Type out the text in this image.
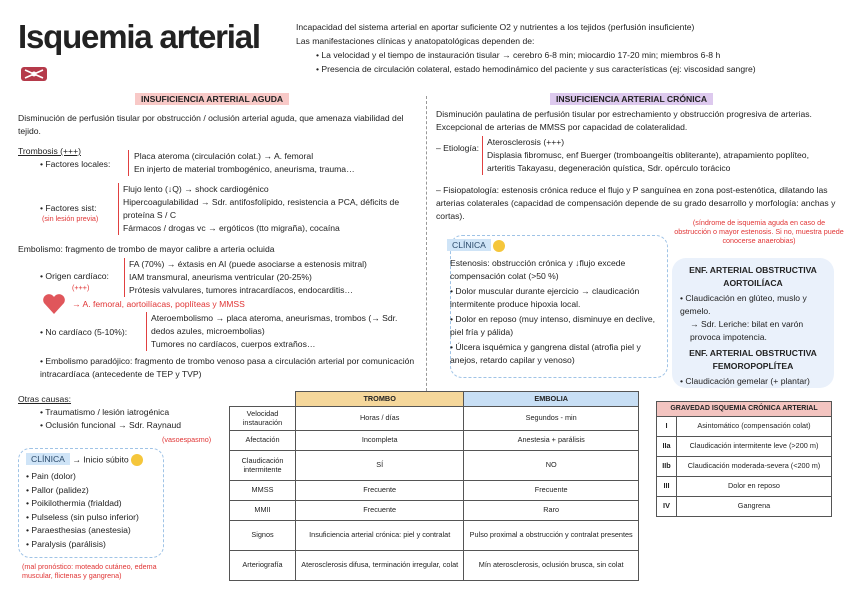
Isquemia arterial	Incapacidad del sistema arterial en aportar suficiente O2 y nutrientes a los tejidos (perfusión insuficiente)
Las manifestaciones clínicas y anatopatológicas dependen de:
• La velocidad y el tiempo de instauración tisular → cerebro 6-8 min; miocardio 17-20 min; miembros 6-8 h
• Presencia de circulación colateral, estado hemodinámico del paciente y sus características (ej: viscosidad sangre)
INSUFICIENCIA ARTERIAL AGUDA	INSUFICIENCIA ARTERIAL CRÓNICA
Disminución de perfusión tisular por obstrucción / oclusión arterial aguda, que amenaza viabilidad del tejido.
Trombosis (+++)
• Factores locales:
Placa ateroma (circulación colat.) → A. femoral
En injerto de material trombogénico, aneurisma, trauma…
• Factores sist:
(sin lesión previa)
Flujo lento (↓Q) → shock cardiogénico
Hipercoagulabilidad → Sdr. antifosfolípido, resistencia a PCA, déficits de proteína S / C
Fármacos / drogas vc → ergóticos (tto migraña), cocaína
Embolismo: fragmento de trombo de mayor calibre a arteria ocluida
• Origen cardíaco:
(+++)
FA (70%) → éxtasis en AI (puede asociarse a estenosis mitral)
IAM transmural, aneurisma ventricular (20-25%)
Prótesis valvulares, tumores intracardíacos, endocarditis…
→ A. femoral, aortoilíacas, poplíteas y MMSS
• No cardíaco (5-10%):
Ateroembolismo → placa ateroma, aneurismas, trombos (→ Sdr. dedos azules, microembolias)
Tumores no cardíacos, cuerpos extraños…
• Embolismo paradójico: fragmento de trombo venoso pasa a circulación arterial por comunicación intracardíaca (antecedente de TEP y TVP)
Otras causas:
• Traumatismo / lesión iatrogénica
• Oclusión funcional → Sdr. Raynaud
(vasoespasmo)
CLÍNICA → Inicio súbito
• Pain (dolor)
• Pallor (palidez)
• Poikilothermia (frialdad)
• Pulseless (sin pulso inferior)
• Paraesthesias (anestesia)
• Paralysis (parálisis)
(mal pronóstico: moteado cutáneo, edema muscular, flictenas y gangrena)
	TROMBO	EMBOLIA
Velocidad instauración	Horas / días	Segundos - min
Afectación	Incompleta	Anestesia + parálisis
Claudicación intermitente	SÍ	NO
MMSS	Frecuente	Frecuente
MMII	Frecuente	Raro
Signos	Insuficiencia arterial crónica: piel y contralat	Pulso proximal a obstrucción y contralat presentes
Arteriografía	Aterosclerosis difusa, terminación irregular, colat	Mín aterosclerosis, oclusión brusca, sin colat
Disminución paulatina de perfusión tisular por estrechamiento y obstrucción progresiva de arterias. Excepcional de arterias de MMSS por capacidad de colateralidad.
– Etiología:
Aterosclerosis (+++)
Displasia fibromusc, enf Buerger (tromboangeítis obliterante), atrapamiento poplíteo, arteritis Takayasu, degeneración quística, Sdr. opérculo torácico
– Fisiopatología: estenosis crónica reduce el flujo y P sanguínea en zona post-estenótica, dilatando las arterias colaterales (capacidad de compensación depende de su grado desarrollo y morfología: anchas y cortas).
(síndrome de isquemia aguda en caso de obstrucción o mayor estenosis. Si no, muestra puede conocerse anaerobias)
CLÍNICA
Estenosis: obstrucción crónica y ↓flujo excede compensación colat (>50 %)
• Dolor muscular durante ejercicio → claudicación intermitente produce hipoxia local.
• Dolor en reposo (muy intenso, disminuye en declive, piel fría y pálida)
• Úlcera isquémica y gangrena distal (atrofia piel y anejos, retardo capilar y venoso)
ENF. ARTERIAL OBSTRUCTIVA AORTOILÍACA
• Claudicación en glúteo, muslo y gemelo.
→ Sdr. Leriche: bilat en varón provoca impotencia.
ENF. ARTERIAL OBSTRUCTIVA FEMOROPOPLÍTEA
• Claudicación gemelar (+ plantar)
GRAVEDAD ISQUEMIA CRÓNICA ARTERIAL	
I	Asintomático (compensación colat)
IIa	Claudicación intermitente leve (>200 m)
IIb	Claudicación moderada-severa (<200 m)
III	Dolor en reposo
IV	Gangrena
